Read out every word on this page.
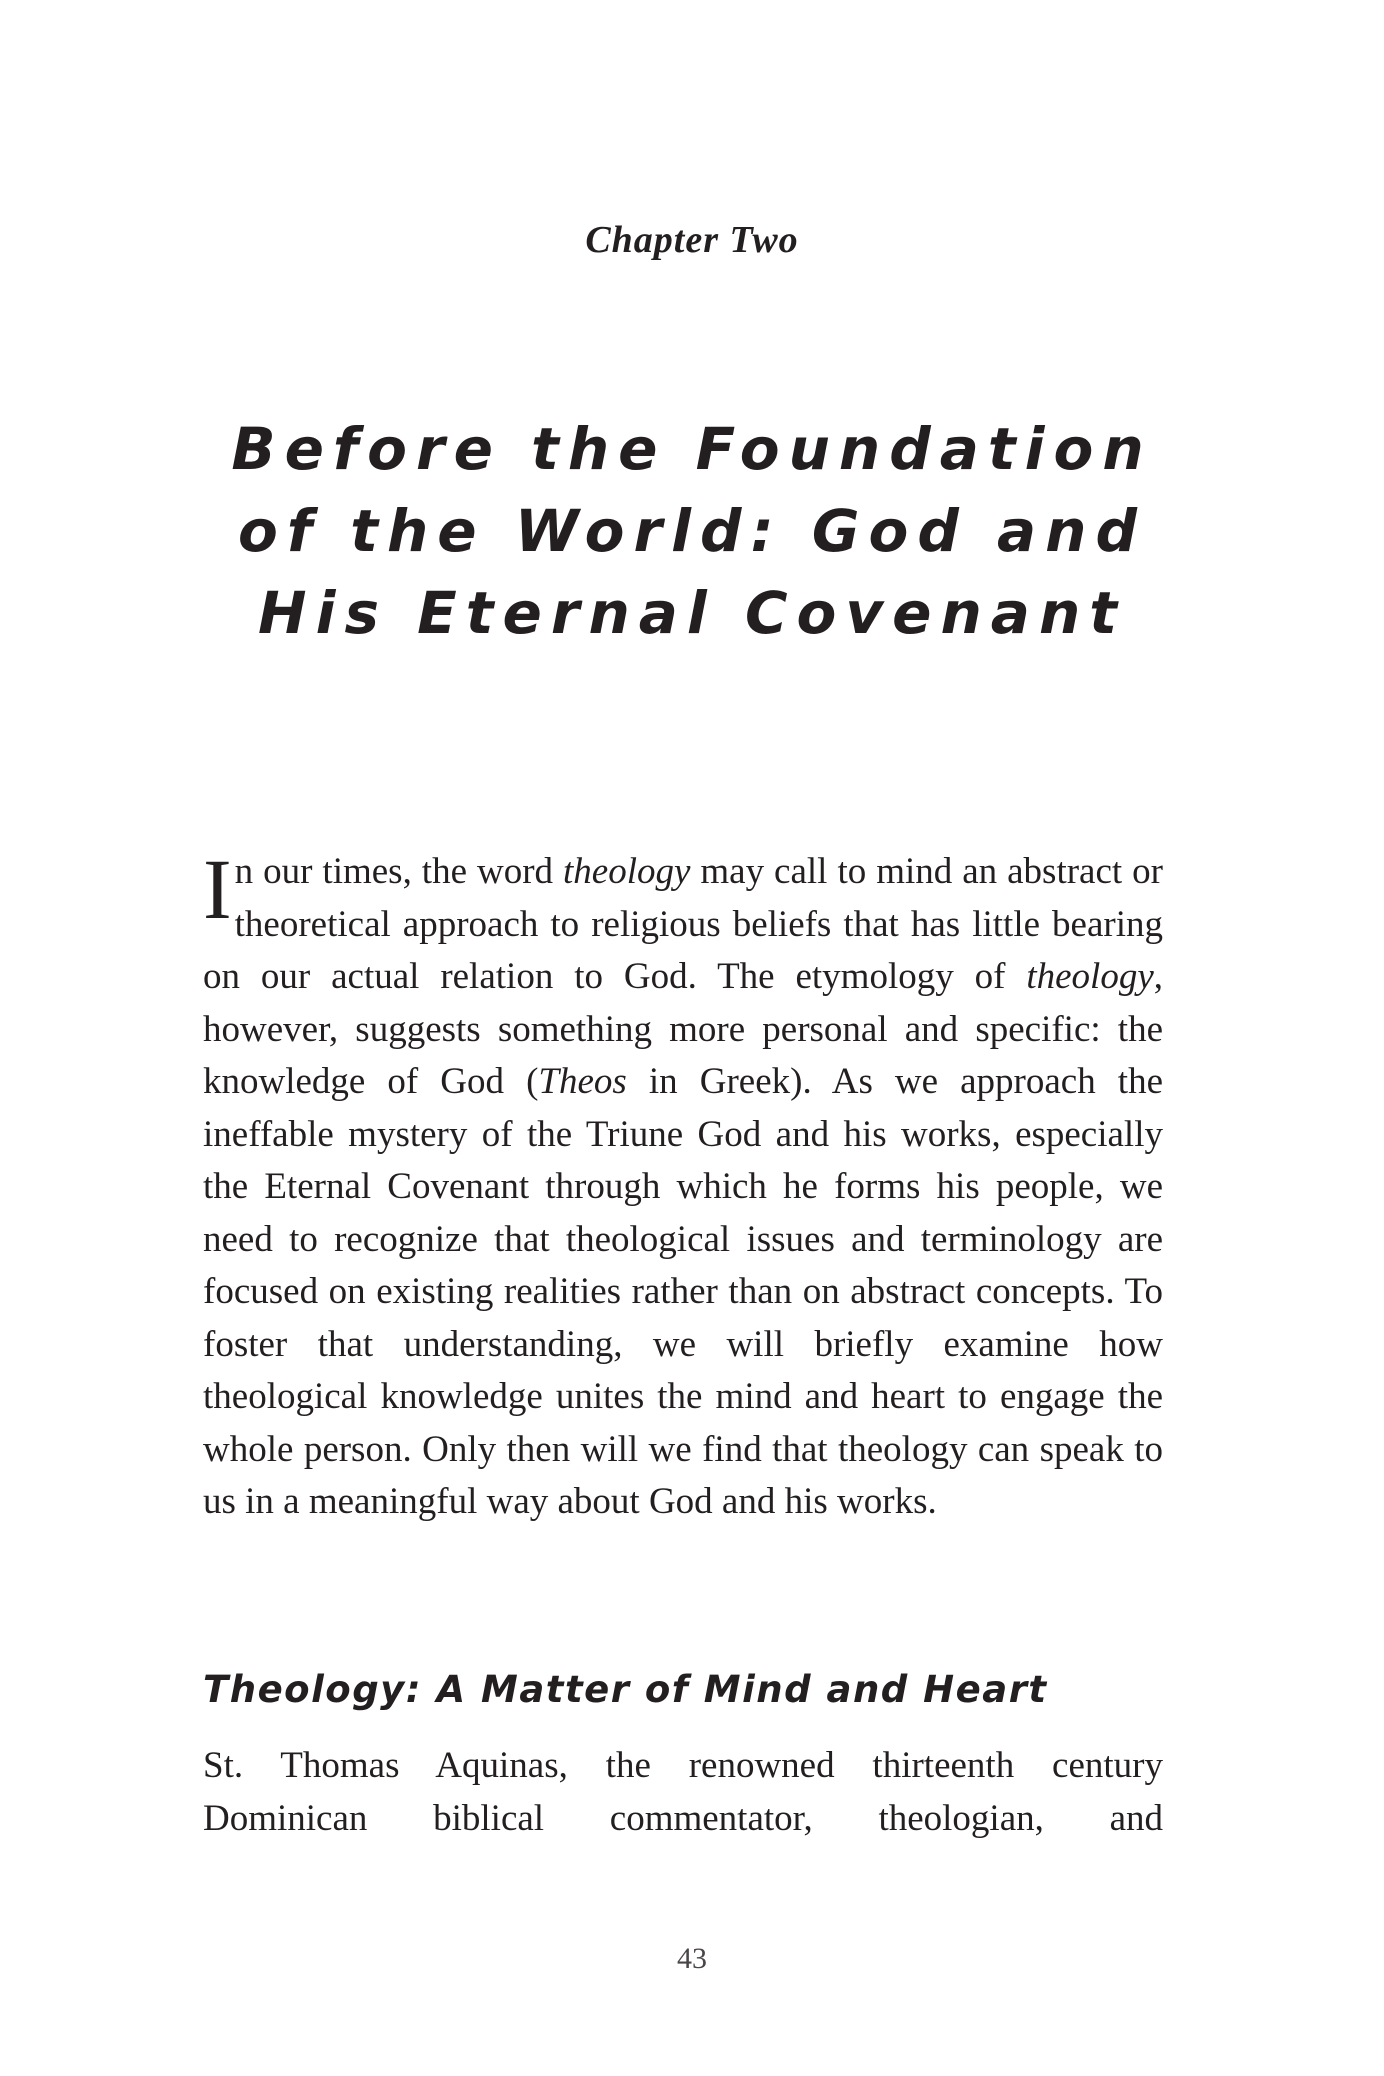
Chapter Two
Before the Foundation
of the World: God and
His Eternal Covenant

In our times, the word theology may call to mind an abstract or theoretical approach to religious beliefs that has little bearing on our actual relation to God. The etymology of theology, however, suggests something more personal and specific: the knowledge of God (Theos in Greek). As we approach the ineffable mystery of the Triune God and his works, especially the Eternal Covenant through which he forms his people, we need to recognize that theological issues and terminology are focused on existing realities rather than on abstract concepts. To foster that understanding, we will briefly examine how theological knowledge unites the mind and heart to engage the whole person. Only then will we find that theology can speak to us in a meaningful way about God and his works.

Theology: A Matter of Mind and Heart

St. Thomas Aquinas, the renowned thirteenth century Dominican biblical commentator, theologian, and

43
